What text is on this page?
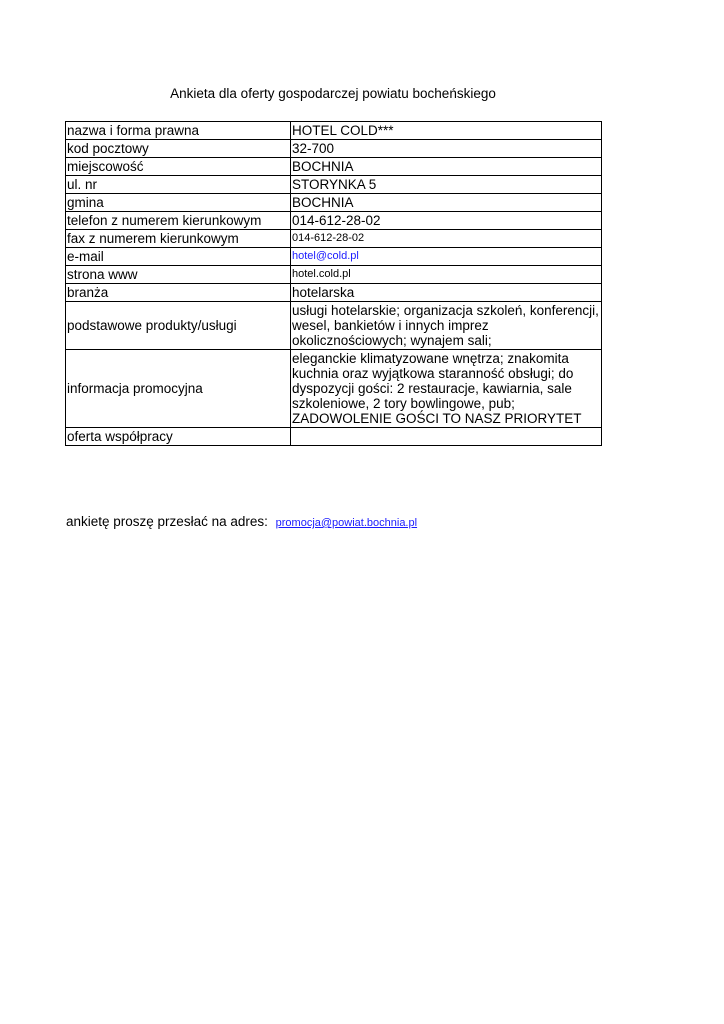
Ankieta dla oferty gospodarczej powiatu bocheńskiego
nazwa i forma prawna	HOTEL COLD***
kod pocztowy	32-700
miejscowość	BOCHNIA
ul. nr	STORYNKA 5
gmina	BOCHNIA
telefon z numerem kierunkowym	014-612-28-02
fax z numerem kierunkowym	014-612-28-02
e-mail	hotel@cold.pl
strona www	hotel.cold.pl
branża	hotelarska
podstawowe produkty/usługi	usługi hotelarskie; organizacja szkoleń, konferencji, wesel, bankietów i innych imprez okolicznościowych; wynajem sali;
informacja promocyjna	eleganckie klimatyzowane wnętrza; znakomita kuchnia oraz wyjątkowa staranność obsługi; do dyspozycji gości: 2 restauracje, kawiarnia, sale szkoleniowe, 2 tory bowlingowe, pub; ZADOWOLENIE GOŚCI TO NASZ PRIORYTET
oferta współpracy	
ankietę proszę przesłać na adres: promocja@powiat.bochnia.pl
